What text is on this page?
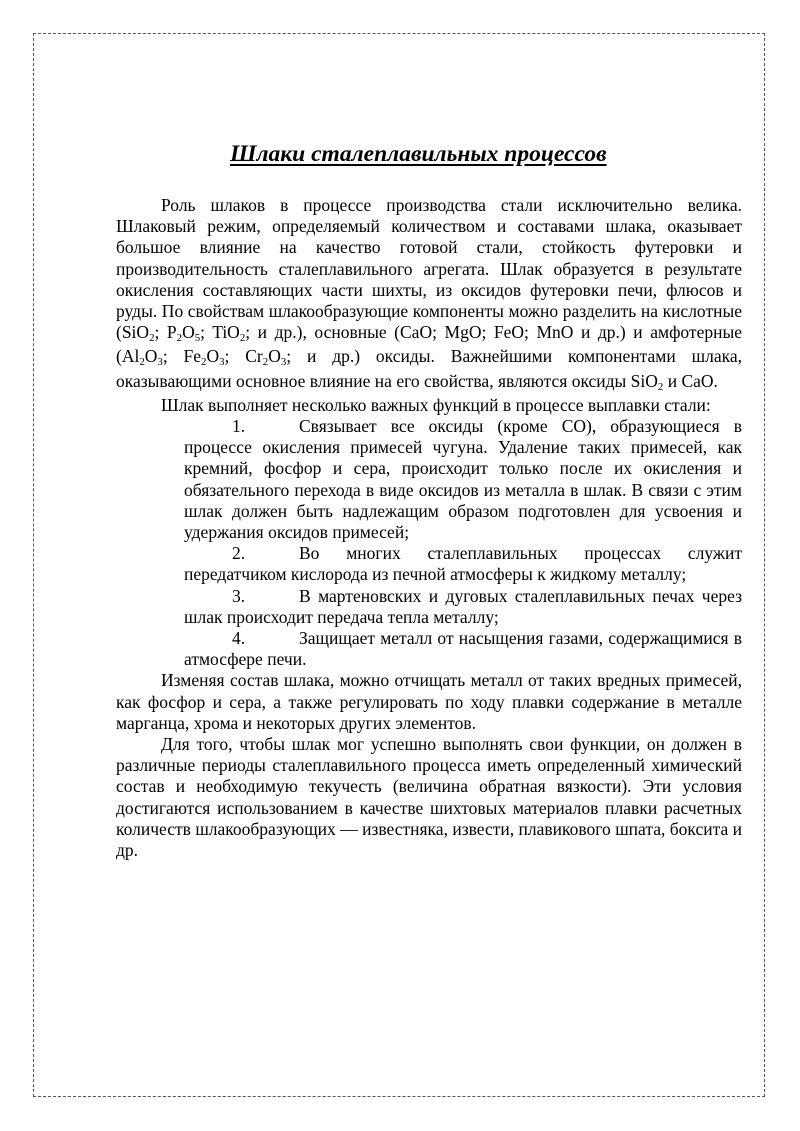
Шлаки сталеплавильных процессов

Роль шлаков в процессе производства стали исключительно велика. Шлаковый режим, определяемый количеством и составами шлака, оказывает большое влияние на качество готовой стали, стойкость футеровки и производительность сталеплавильного агрегата. Шлак образуется в результате окисления составляющих части шихты, из оксидов футеровки печи, флюсов и руды. По свойствам шлакообразующие компоненты можно разделить на кислотные (SiO$_2$; $P_2O_5$; TiO$_2$; и др.), основные (CaO; MgO; FeO; MnO и др.) и амфотерные ($Al_2O_3$; $Fe_2O_3$; $Cr_2O_3$; и др.) оксиды. Важнейшими компонентами шлака, оказывающими основное влияние на его свойства, являются оксиды SiO$_2$ и CaO.

Шлак выполняет несколько важных функций в процессе выплавки стали:

1.	Связывает все оксиды (кроме CO), образующиеся в процессе окисления примесей чугуна. Удаление таких примесей, как кремний, фосфор и сера, происходит только после их окисления и обязательного перехода в виде оксидов из металла в шлак. В связи с этим шлак должен быть надлежащим образом подготовлен для усвоения и удержания оксидов примесей;
2.	Во многих сталеплавильных процессах служит передатчиком кислорода из печной атмосферы к жидкому металлу;
3.	В мартеновских и дуговых сталеплавильных печах через шлак происходит передача тепла металлу;
4.	Защищает металл от насыщения газами, содержащимися в атмосфере печи.

Изменяя состав шлака, можно отчищать металл от таких вредных примесей, как фосфор и сера, а также регулировать по ходу плавки содержание в металле марганца, хрома и некоторых других элементов.

Для того, чтобы шлак мог успешно выполнять свои функции, он должен в различные периоды сталеплавильного процесса иметь определенный химический состав и необходимую текучесть (величина обратная вязкости). Эти условия достигаются использованием в качестве шихтовых материалов плавки расчетных количеств шлакообразующих — известняка, извести, плавикового шпата, боксита и др.
